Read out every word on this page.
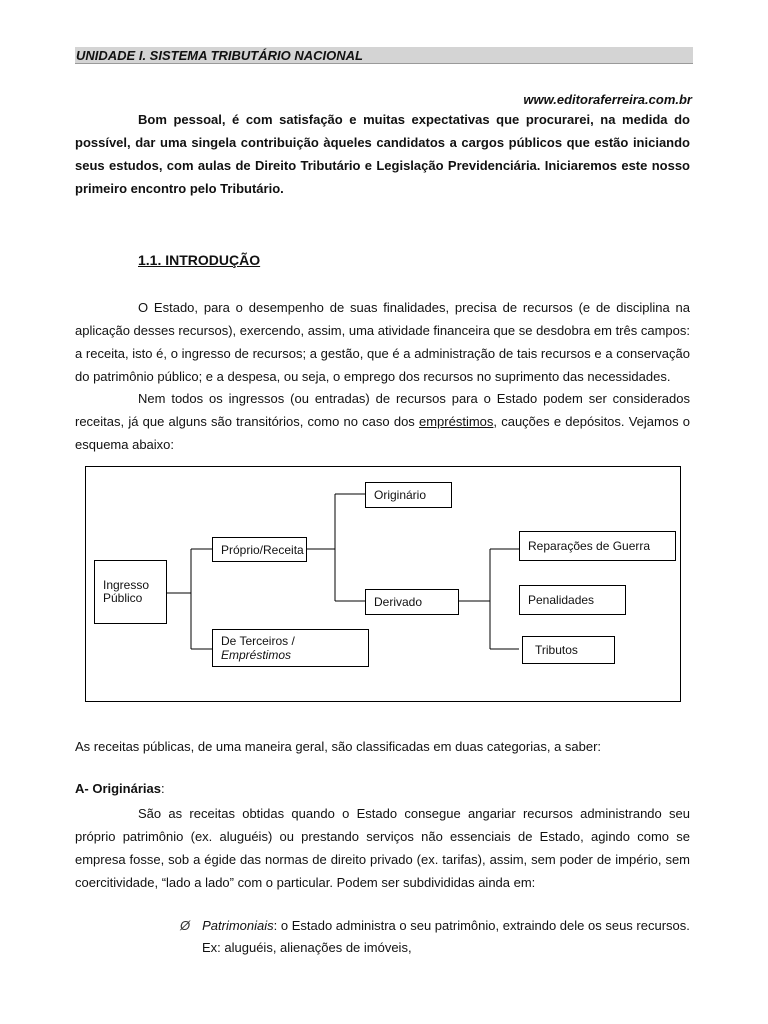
UNIDADE I. SISTEMA TRIBUTÁRIO NACIONAL
www.editoraferreira.com.br
Bom pessoal, é com satisfação e muitas expectativas que procurarei, na medida do possível, dar uma singela contribuição àqueles candidatos a cargos públicos que estão iniciando seus estudos, com aulas de Direito Tributário e Legislação Previdenciária. Iniciaremos este nosso primeiro encontro pelo Tributário.
1.1. INTRODUÇÃO
O Estado, para o desempenho de suas finalidades, precisa de recursos (e de disciplina na aplicação desses recursos), exercendo, assim, uma atividade financeira que se desdobra em três campos: a receita, isto é, o ingresso de recursos; a gestão, que é a administração de tais recursos e a conservação do patrimônio público; e a despesa, ou seja, o emprego dos recursos no suprimento das necessidades.
Nem todos os ingressos (ou entradas) de recursos para o Estado podem ser considerados receitas, já que alguns são transitórios, como no caso dos empréstimos, cauções e depósitos. Vejamos o esquema abaixo:
Ingresso
Público
Próprio/Receita
De Terceiros / Empréstimos
Originário
Derivado
Reparações de Guerra
Penalidades
Tributos
As receitas públicas, de uma maneira geral, são classificadas em duas categorias, a saber:
A- Originárias:
São as receitas obtidas quando o Estado consegue angariar recursos administrando seu próprio patrimônio (ex. aluguéis) ou prestando serviços não essenciais de Estado, agindo como se empresa fosse, sob a égide das normas de direito privado (ex. tarifas), assim, sem poder de império, sem coercitividade, “lado a lado” com o particular. Podem ser subdivididas ainda em:
Ø Patrimoniais: o Estado administra o seu patrimônio, extraindo dele os seus recursos.
Ex: aluguéis, alienações de imóveis,
